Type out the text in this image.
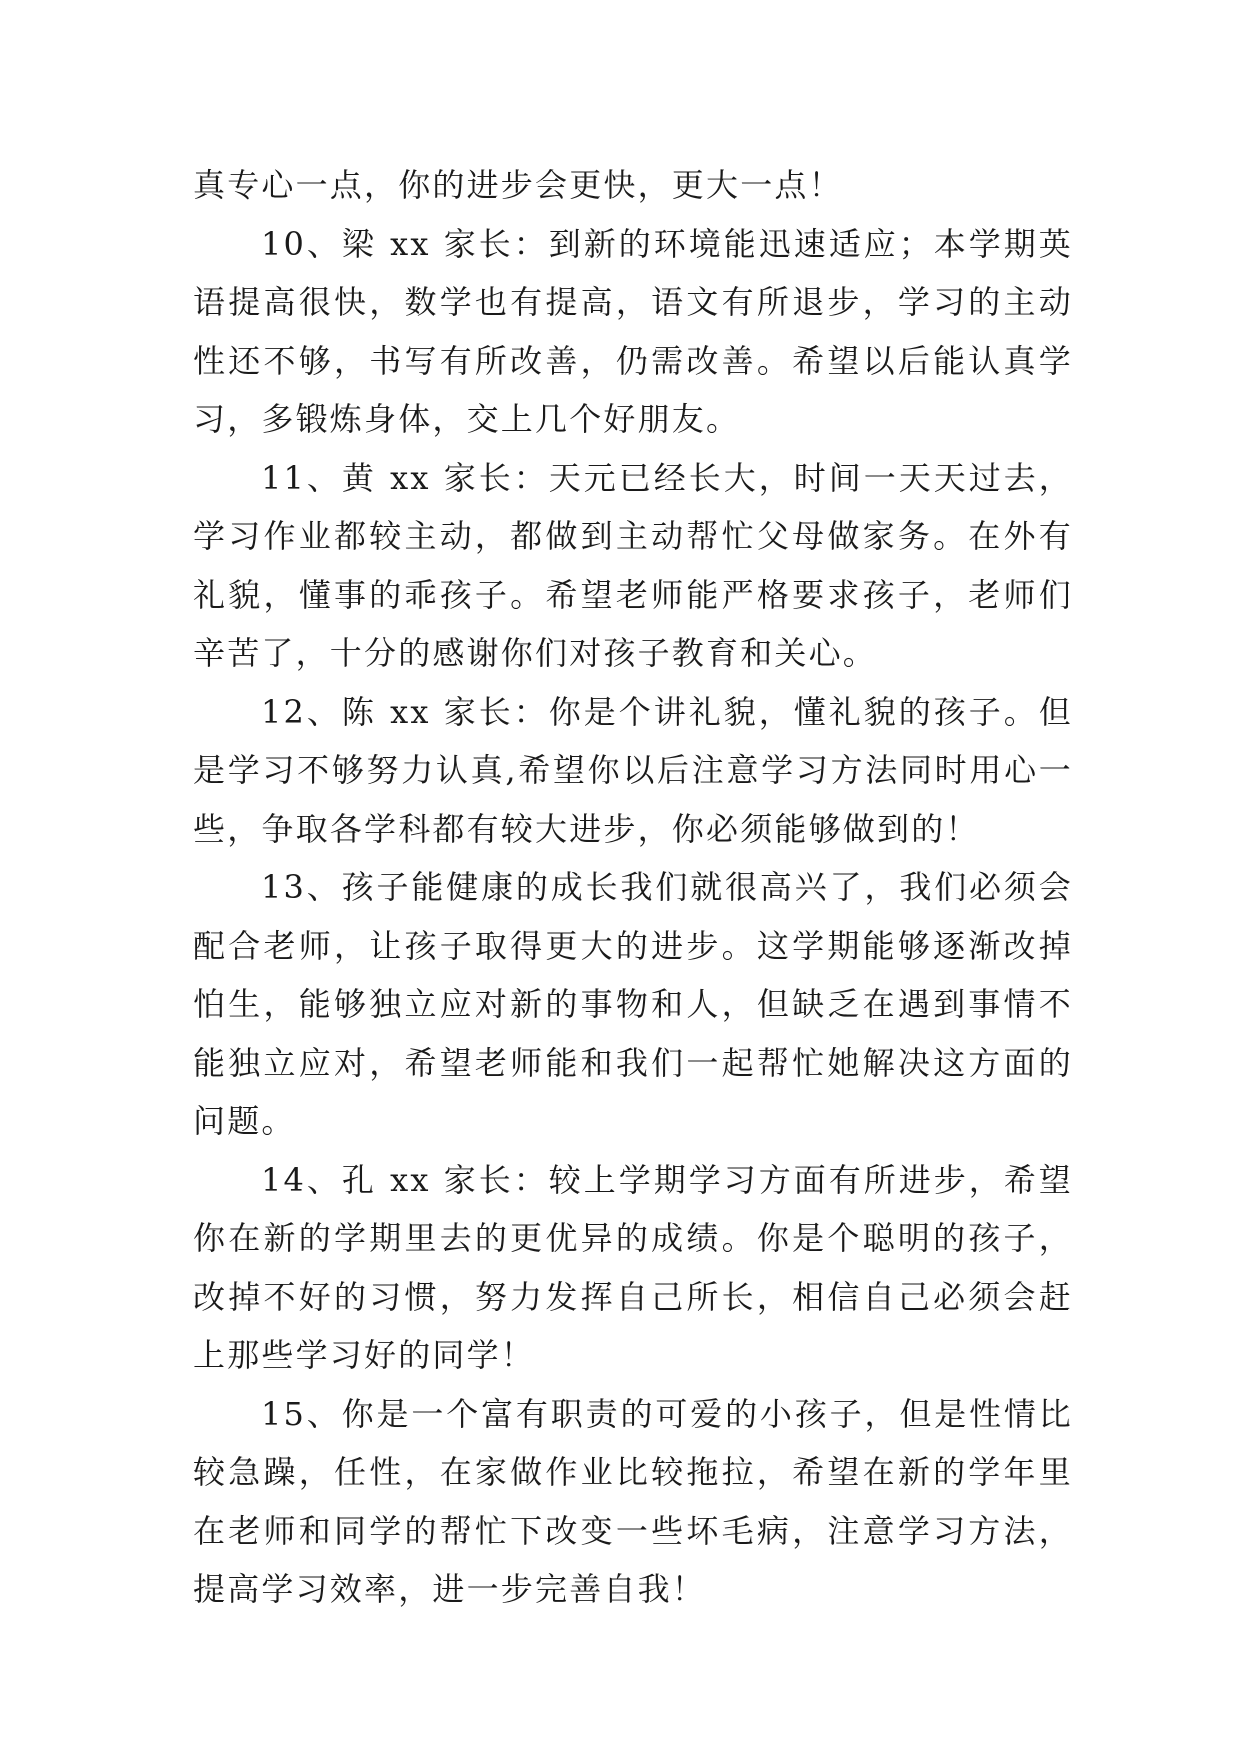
真专心一点，你的进步会更快，更大一点！

10、梁 xx 家长：到新的环境能迅速适应；本学期英语提高很快，数学也有提高，语文有所退步，学习的主动性还不够，书写有所改善，仍需改善。希望以后能认真学习，多锻炼身体，交上几个好朋友。

11、黄 xx 家长：天元已经长大，时间一天天过去，学习作业都较主动，都做到主动帮忙父母做家务。在外有礼貌，懂事的乖孩子。希望老师能严格要求孩子，老师们辛苦了，十分的感谢你们对孩子教育和关心。

12、陈 xx 家长：你是个讲礼貌，懂礼貌的孩子。但是学习不够努力认真,希望你以后注意学习方法同时用心一些，争取各学科都有较大进步，你必须能够做到的！

13、孩子能健康的成长我们就很高兴了，我们必须会配合老师，让孩子取得更大的进步。这学期能够逐渐改掉怕生，能够独立应对新的事物和人，但缺乏在遇到事情不能独立应对，希望老师能和我们一起帮忙她解决这方面的问题。

14、孔 xx 家长：较上学期学习方面有所进步，希望你在新的学期里去的更优异的成绩。你是个聪明的孩子，改掉不好的习惯，努力发挥自己所长，相信自己必须会赶上那些学习好的同学！

15、你是一个富有职责的可爱的小孩子，但是性情比较急躁，任性，在家做作业比较拖拉，希望在新的学年里在老师和同学的帮忙下改变一些坏毛病，注意学习方法，提高学习效率，进一步完善自我！
